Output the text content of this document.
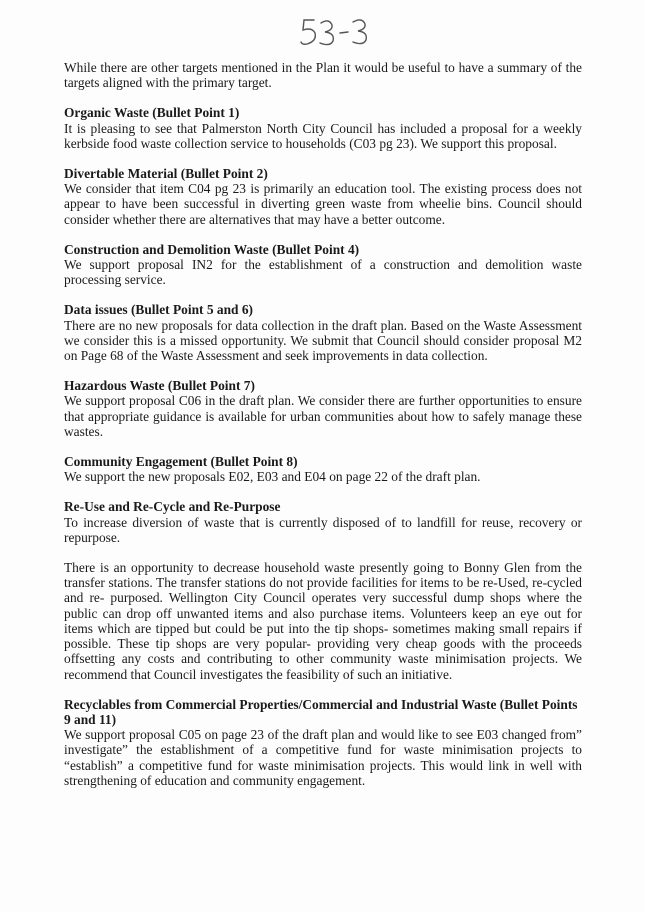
While there are other targets mentioned in the Plan it would be useful to have a summary of the targets aligned with the primary target.

Organic Waste (Bullet Point 1)

It is pleasing to see that Palmerston North City Council has included a proposal for a weekly kerbside food waste collection service to households (C03 pg 23). We support this proposal.

Divertable Material (Bullet Point 2)

We consider that item C04 pg 23 is primarily an education tool. The existing process does not appear to have been successful in diverting green waste from wheelie bins. Council should consider whether there are alternatives that may have a better outcome.

Construction and Demolition Waste (Bullet Point 4)

We support proposal IN2 for the establishment of a construction and demolition waste processing service.

Data issues (Bullet Point 5 and 6)

There are no new proposals for data collection in the draft plan. Based on the Waste Assessment we consider this is a missed opportunity. We submit that Council should consider proposal M2 on Page 68 of the Waste Assessment and seek improvements in data collection.

Hazardous Waste (Bullet Point 7)

We support proposal C06 in the draft plan. We consider there are further opportunities to ensure that appropriate guidance is available for urban communities about how to safely manage these wastes.

Community Engagement (Bullet Point 8)

We support the new proposals E02, E03 and E04 on page 22 of the draft plan.

Re-Use and Re-Cycle and Re-Purpose

To increase diversion of waste that is currently disposed of to landfill for reuse, recovery or repurpose.

There is an opportunity to decrease household waste presently going to Bonny Glen from the transfer stations. The transfer stations do not provide facilities for items to be re-Used, re-cycled and re- purposed. Wellington City Council operates very successful dump shops where the public can drop off unwanted items and also purchase items. Volunteers keep an eye out for items which are tipped but could be put into the tip shops- sometimes making small repairs if possible. These tip shops are very popular- providing very cheap goods with the proceeds offsetting any costs and contributing to other community waste minimisation projects. We recommend that Council investigates the feasibility of such an initiative.

Recyclables from Commercial Properties/Commercial and Industrial Waste (Bullet Points 9 and 11)

We support proposal C05 on page 23 of the draft plan and would like to see E03 changed from” investigate” the establishment of a competitive fund for waste minimisation projects to “establish” a competitive fund for waste minimisation projects. This would link in well with strengthening of education and community engagement.
